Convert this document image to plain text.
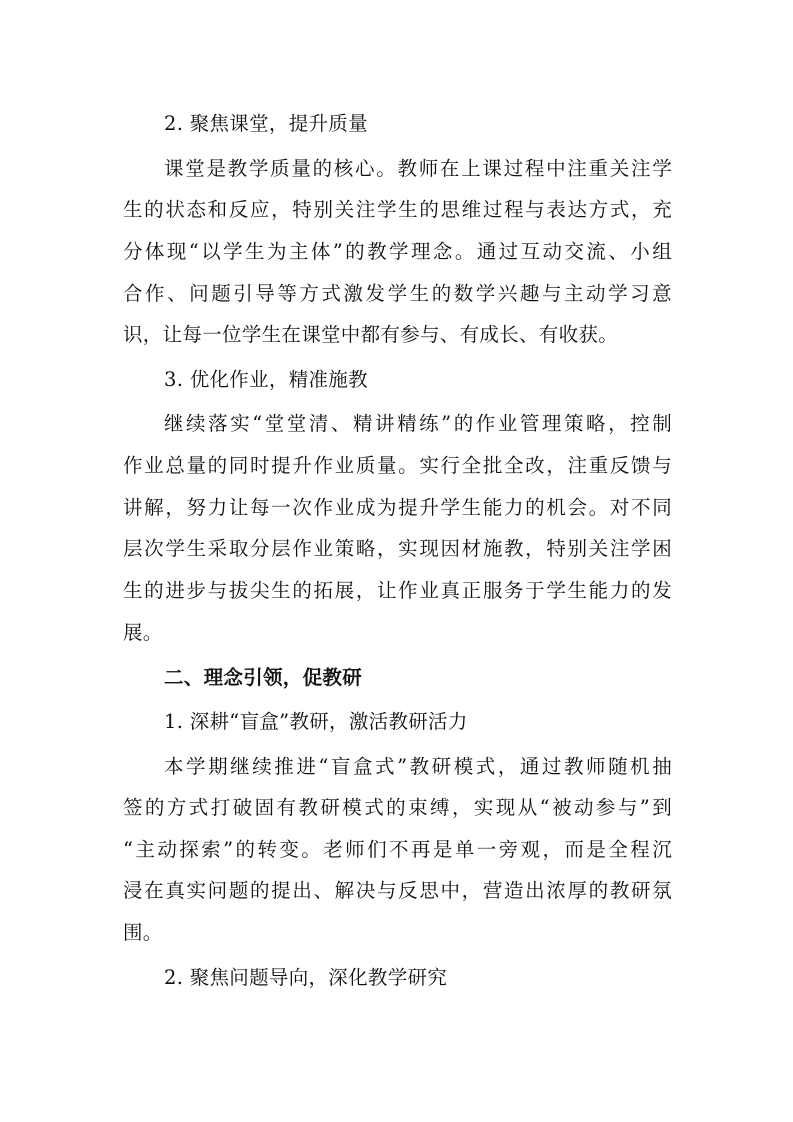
2. 聚焦课堂，提升质量
课堂是教学质量的核心。教师在上课过程中注重关注学
生的状态和反应，特别关注学生的思维过程与表达方式，充
分体现“以学生为主体”的教学理念。通过互动交流、小组
合作、问题引导等方式激发学生的数学兴趣与主动学习意
识，让每一位学生在课堂中都有参与、有成长、有收获。
3. 优化作业，精准施教
继续落实“堂堂清、精讲精练”的作业管理策略，控制
作业总量的同时提升作业质量。实行全批全改，注重反馈与
讲解，努力让每一次作业成为提升学生能力的机会。对不同
层次学生采取分层作业策略，实现因材施教，特别关注学困
生的进步与拔尖生的拓展，让作业真正服务于学生能力的发
展。
二、理念引领，促教研
1. 深耕“盲盒”教研，激活教研活力
本学期继续推进“盲盒式”教研模式，通过教师随机抽
签的方式打破固有教研模式的束缚，实现从“被动参与”到
“主动探索”的转变。老师们不再是单一旁观，而是全程沉
浸在真实问题的提出、解决与反思中，营造出浓厚的教研氛
围。
2. 聚焦问题导向，深化教学研究
